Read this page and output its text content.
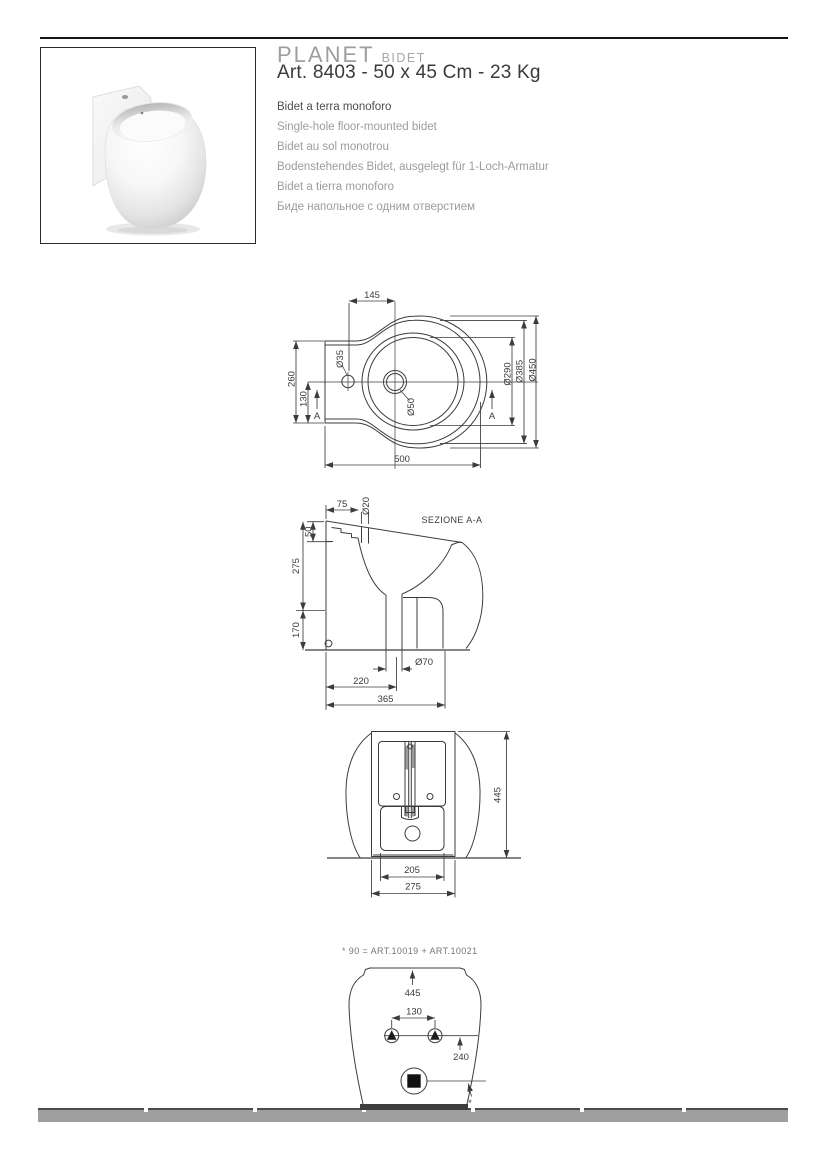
PLANET BIDET
Art. 8403 - 50 x 45 Cm - 23 Kg
Bidet a terra monoforo
Single-hole floor-mounted bidet
Bidet au sol monotrou
Bodenstehendes Bidet, ausgelegt für 1-Loch-Armatur
Bidet a tierra monoforo
Биде напольное с одним отверстием
145
260
130
Ø35
Ø50
Ø290 Ø385 Ø450
500
A	A
SEZIONE A-A
75 Ø20
50
275
170
Ø70
220
365
445
205
275
* 90 = ART.10019 + ART.10021
445
130
240
*
